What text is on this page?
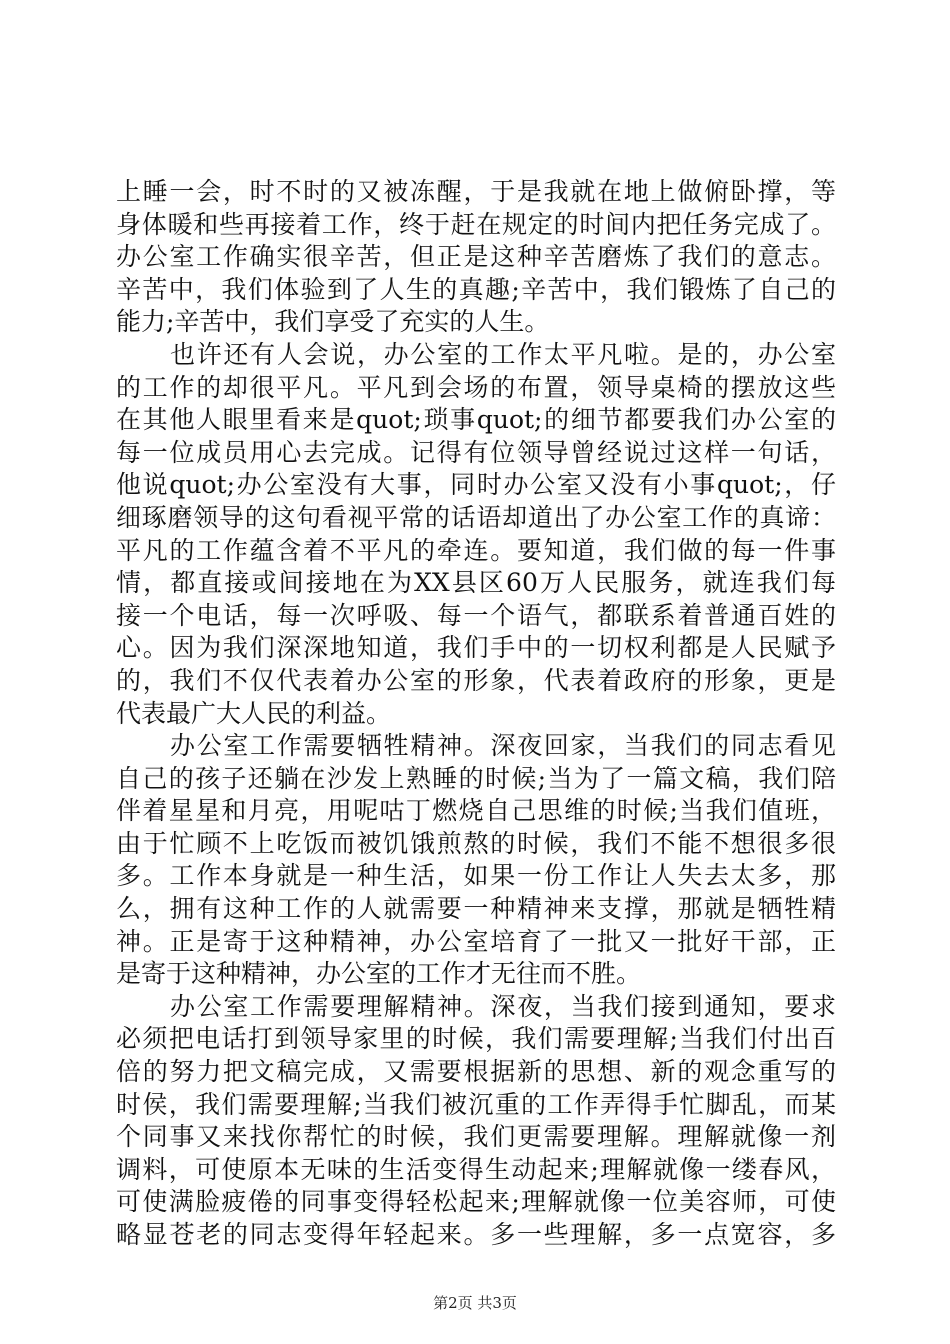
上睡一会，时不时的又被冻醒，于是我就在地上做俯卧撑，等
身体暖和些再接着工作，终于赶在规定的时间内把任务完成了。
办公室工作确实很辛苦，但正是这种辛苦磨炼了我们的意志。
辛苦中，我们体验到了人生的真趣;辛苦中，我们锻炼了自己的
能力;辛苦中，我们享受了充实的人生。
也许还有人会说，办公室的工作太平凡啦。是的，办公室
的工作的却很平凡。平凡到会场的布置，领导桌椅的摆放这些
在其他人眼里看来是quot;琐事quot;的细节都要我们办公室的
每一位成员用心去完成。记得有位领导曾经说过这样一句话，
他说quot;办公室没有大事，同时办公室又没有小事quot;，仔
细琢磨领导的这句看视平常的话语却道出了办公室工作的真谛：
平凡的工作蕴含着不平凡的牵连。要知道，我们做的每一件事
情，都直接或间接地在为XX县区60万人民服务，就连我们每
接一个电话，每一次呼吸、每一个语气，都联系着普通百姓的
心。因为我们深深地知道，我们手中的一切权利都是人民赋予
的，我们不仅代表着办公室的形象，代表着政府的形象，更是
代表最广大人民的利益。
办公室工作需要牺牲精神。深夜回家，当我们的同志看见
自己的孩子还躺在沙发上熟睡的时候;当为了一篇文稿，我们陪
伴着星星和月亮，用呢咕丁燃烧自己思维的时候;当我们值班，
由于忙顾不上吃饭而被饥饿煎熬的时候，我们不能不想很多很
多。工作本身就是一种生活，如果一份工作让人失去太多，那
么，拥有这种工作的人就需要一种精神来支撑，那就是牺牲精
神。正是寄于这种精神，办公室培育了一批又一批好干部，正
是寄于这种精神，办公室的工作才无往而不胜。
办公室工作需要理解精神。深夜，当我们接到通知，要求
必须把电话打到领导家里的时候，我们需要理解;当我们付出百
倍的努力把文稿完成，又需要根据新的思想、新的观念重写的
时侯，我们需要理解;当我们被沉重的工作弄得手忙脚乱，而某
个同事又来找你帮忙的时候，我们更需要理解。理解就像一剂
调料，可使原本无味的生活变得生动起来;理解就像一缕春风，
可使满脸疲倦的同事变得轻松起来;理解就像一位美容师，可使
略显苍老的同志变得年轻起来。多一些理解，多一点宽容，多
第2页 共3页
